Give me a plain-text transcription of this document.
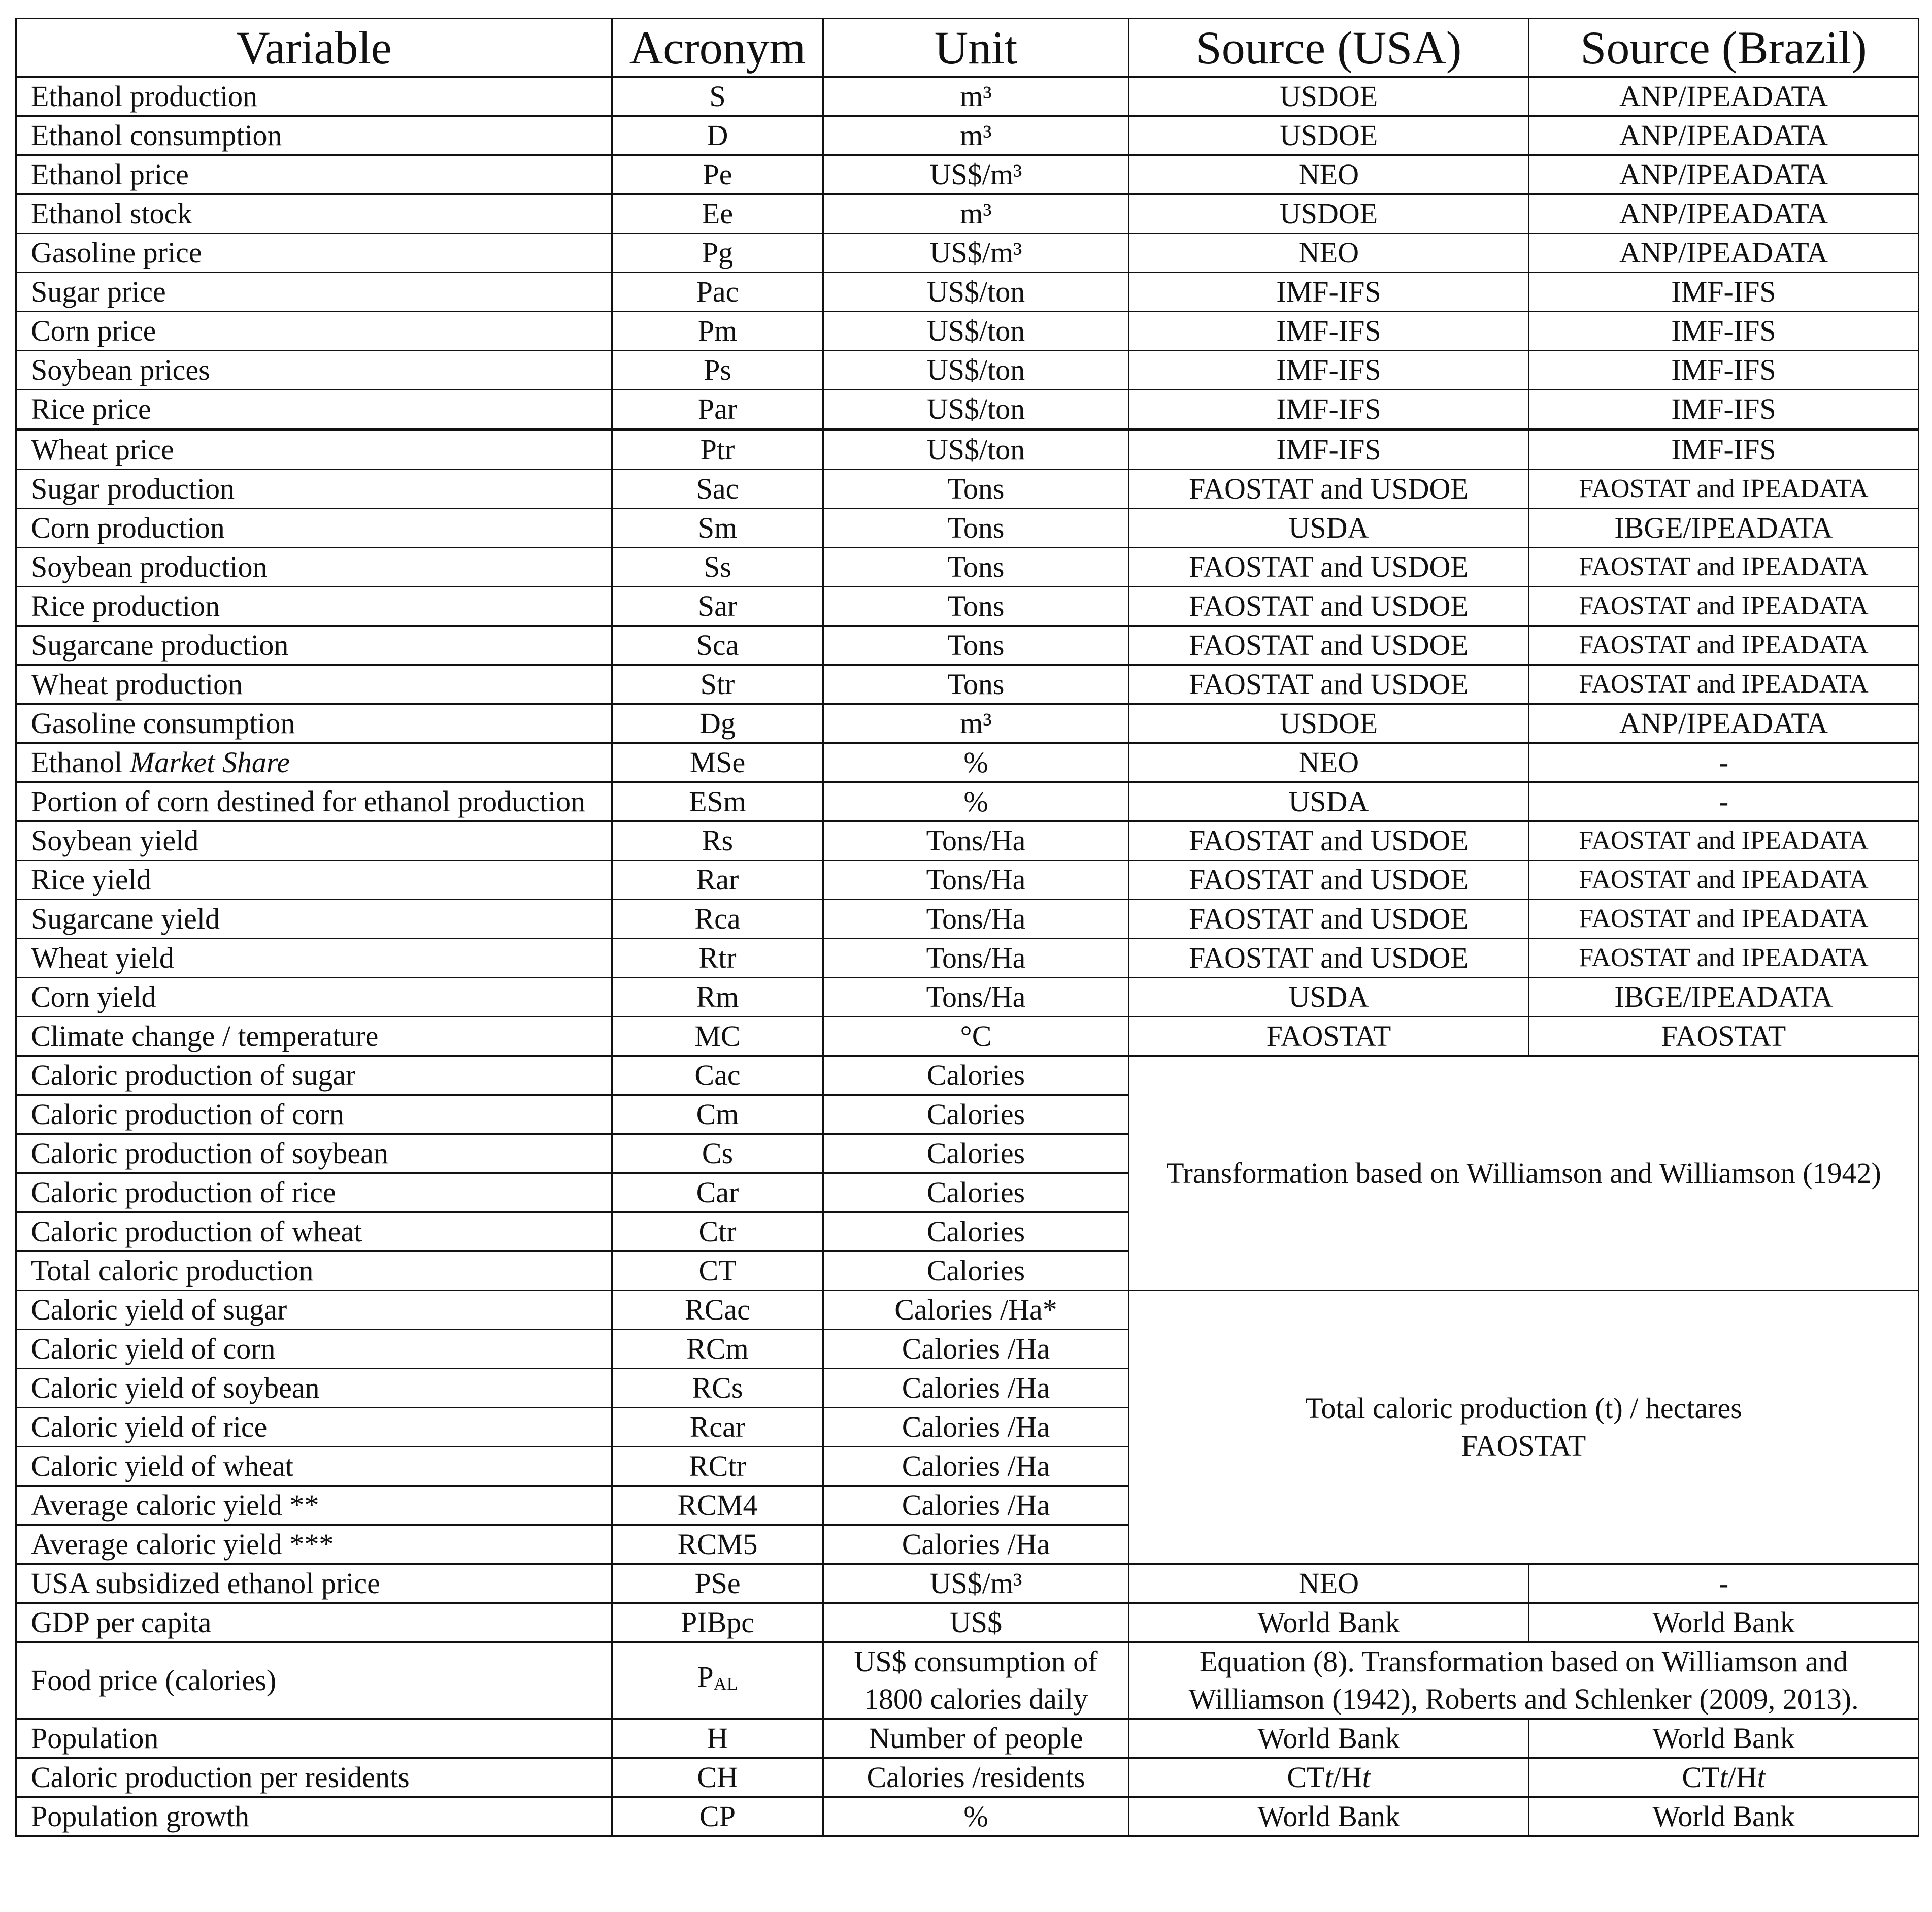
Variable	Acronym	Unit	Source (USA)	Source (Brazil)
Ethanol production	S	m³	USDOE	ANP/IPEADATA
Ethanol consumption	D	m³	USDOE	ANP/IPEADATA
Ethanol price	Pe	US$/m³	NEO	ANP/IPEADATA
Ethanol stock	Ee	m³	USDOE	ANP/IPEADATA
Gasoline price	Pg	US$/m³	NEO	ANP/IPEADATA
Sugar price	Pac	US$/ton	IMF-IFS	IMF-IFS
Corn price	Pm	US$/ton	IMF-IFS	IMF-IFS
Soybean prices	Ps	US$/ton	IMF-IFS	IMF-IFS
Rice price	Par	US$/ton	IMF-IFS	IMF-IFS
Wheat price	Ptr	US$/ton	IMF-IFS	IMF-IFS
Sugar production	Sac	Tons	FAOSTAT and USDOE	FAOSTAT and IPEADATA
Corn production	Sm	Tons	USDA	IBGE/IPEADATA
Soybean production	Ss	Tons	FAOSTAT and USDOE	FAOSTAT and IPEADATA
Rice production	Sar	Tons	FAOSTAT and USDOE	FAOSTAT and IPEADATA
Sugarcane production	Sca	Tons	FAOSTAT and USDOE	FAOSTAT and IPEADATA
Wheat production	Str	Tons	FAOSTAT and USDOE	FAOSTAT and IPEADATA
Gasoline consumption	Dg	m³	USDOE	ANP/IPEADATA
Ethanol Market Share	MSe	%	NEO	-
Portion of corn destined for ethanol production	ESm	%	USDA	-
Soybean yield	Rs	Tons/Ha	FAOSTAT and USDOE	FAOSTAT and IPEADATA
Rice yield	Rar	Tons/Ha	FAOSTAT and USDOE	FAOSTAT and IPEADATA
Sugarcane yield	Rca	Tons/Ha	FAOSTAT and USDOE	FAOSTAT and IPEADATA
Wheat yield	Rtr	Tons/Ha	FAOSTAT and USDOE	FAOSTAT and IPEADATA
Corn yield	Rm	Tons/Ha	USDA	IBGE/IPEADATA
Climate change / temperature	MC	°C	FAOSTAT	FAOSTAT
Caloric production of sugar	Cac	Calories	Transformation based on Williamson and Williamson (1942)	
Caloric production of corn	Cm	Calories		
Caloric production of soybean	Cs	Calories		
Caloric production of rice	Car	Calories		
Caloric production of wheat	Ctr	Calories		
Total caloric production	CT	Calories		
Caloric yield of sugar	RCac	Calories /Ha*	Total caloric production (t) / hectares
FAOSTAT	
Caloric yield of corn	RCm	Calories /Ha		
Caloric yield of soybean	RCs	Calories /Ha		
Caloric yield of rice	Rcar	Calories /Ha		
Caloric yield of wheat	RCtr	Calories /Ha		
Average caloric yield **	RCM4	Calories /Ha		
Average caloric yield ***	RCM5	Calories /Ha		
USA subsidized ethanol price	PSe	US$/m³	NEO	-
GDP per capita	PIBpc	US$	World Bank	World Bank
Food price (calories)	$P_{AL}$	US$ consumption of 1800 calories daily	Equation (8). Transformation based on Williamson and Williamson (1942), Roberts and Schlenker (2009, 2013).	
Population	H	Number of people	World Bank	World Bank
Caloric production per residents	CH	Calories /residents	CTt/Ht	CTt/Ht
Population growth	CP	%	World Bank	World Bank
